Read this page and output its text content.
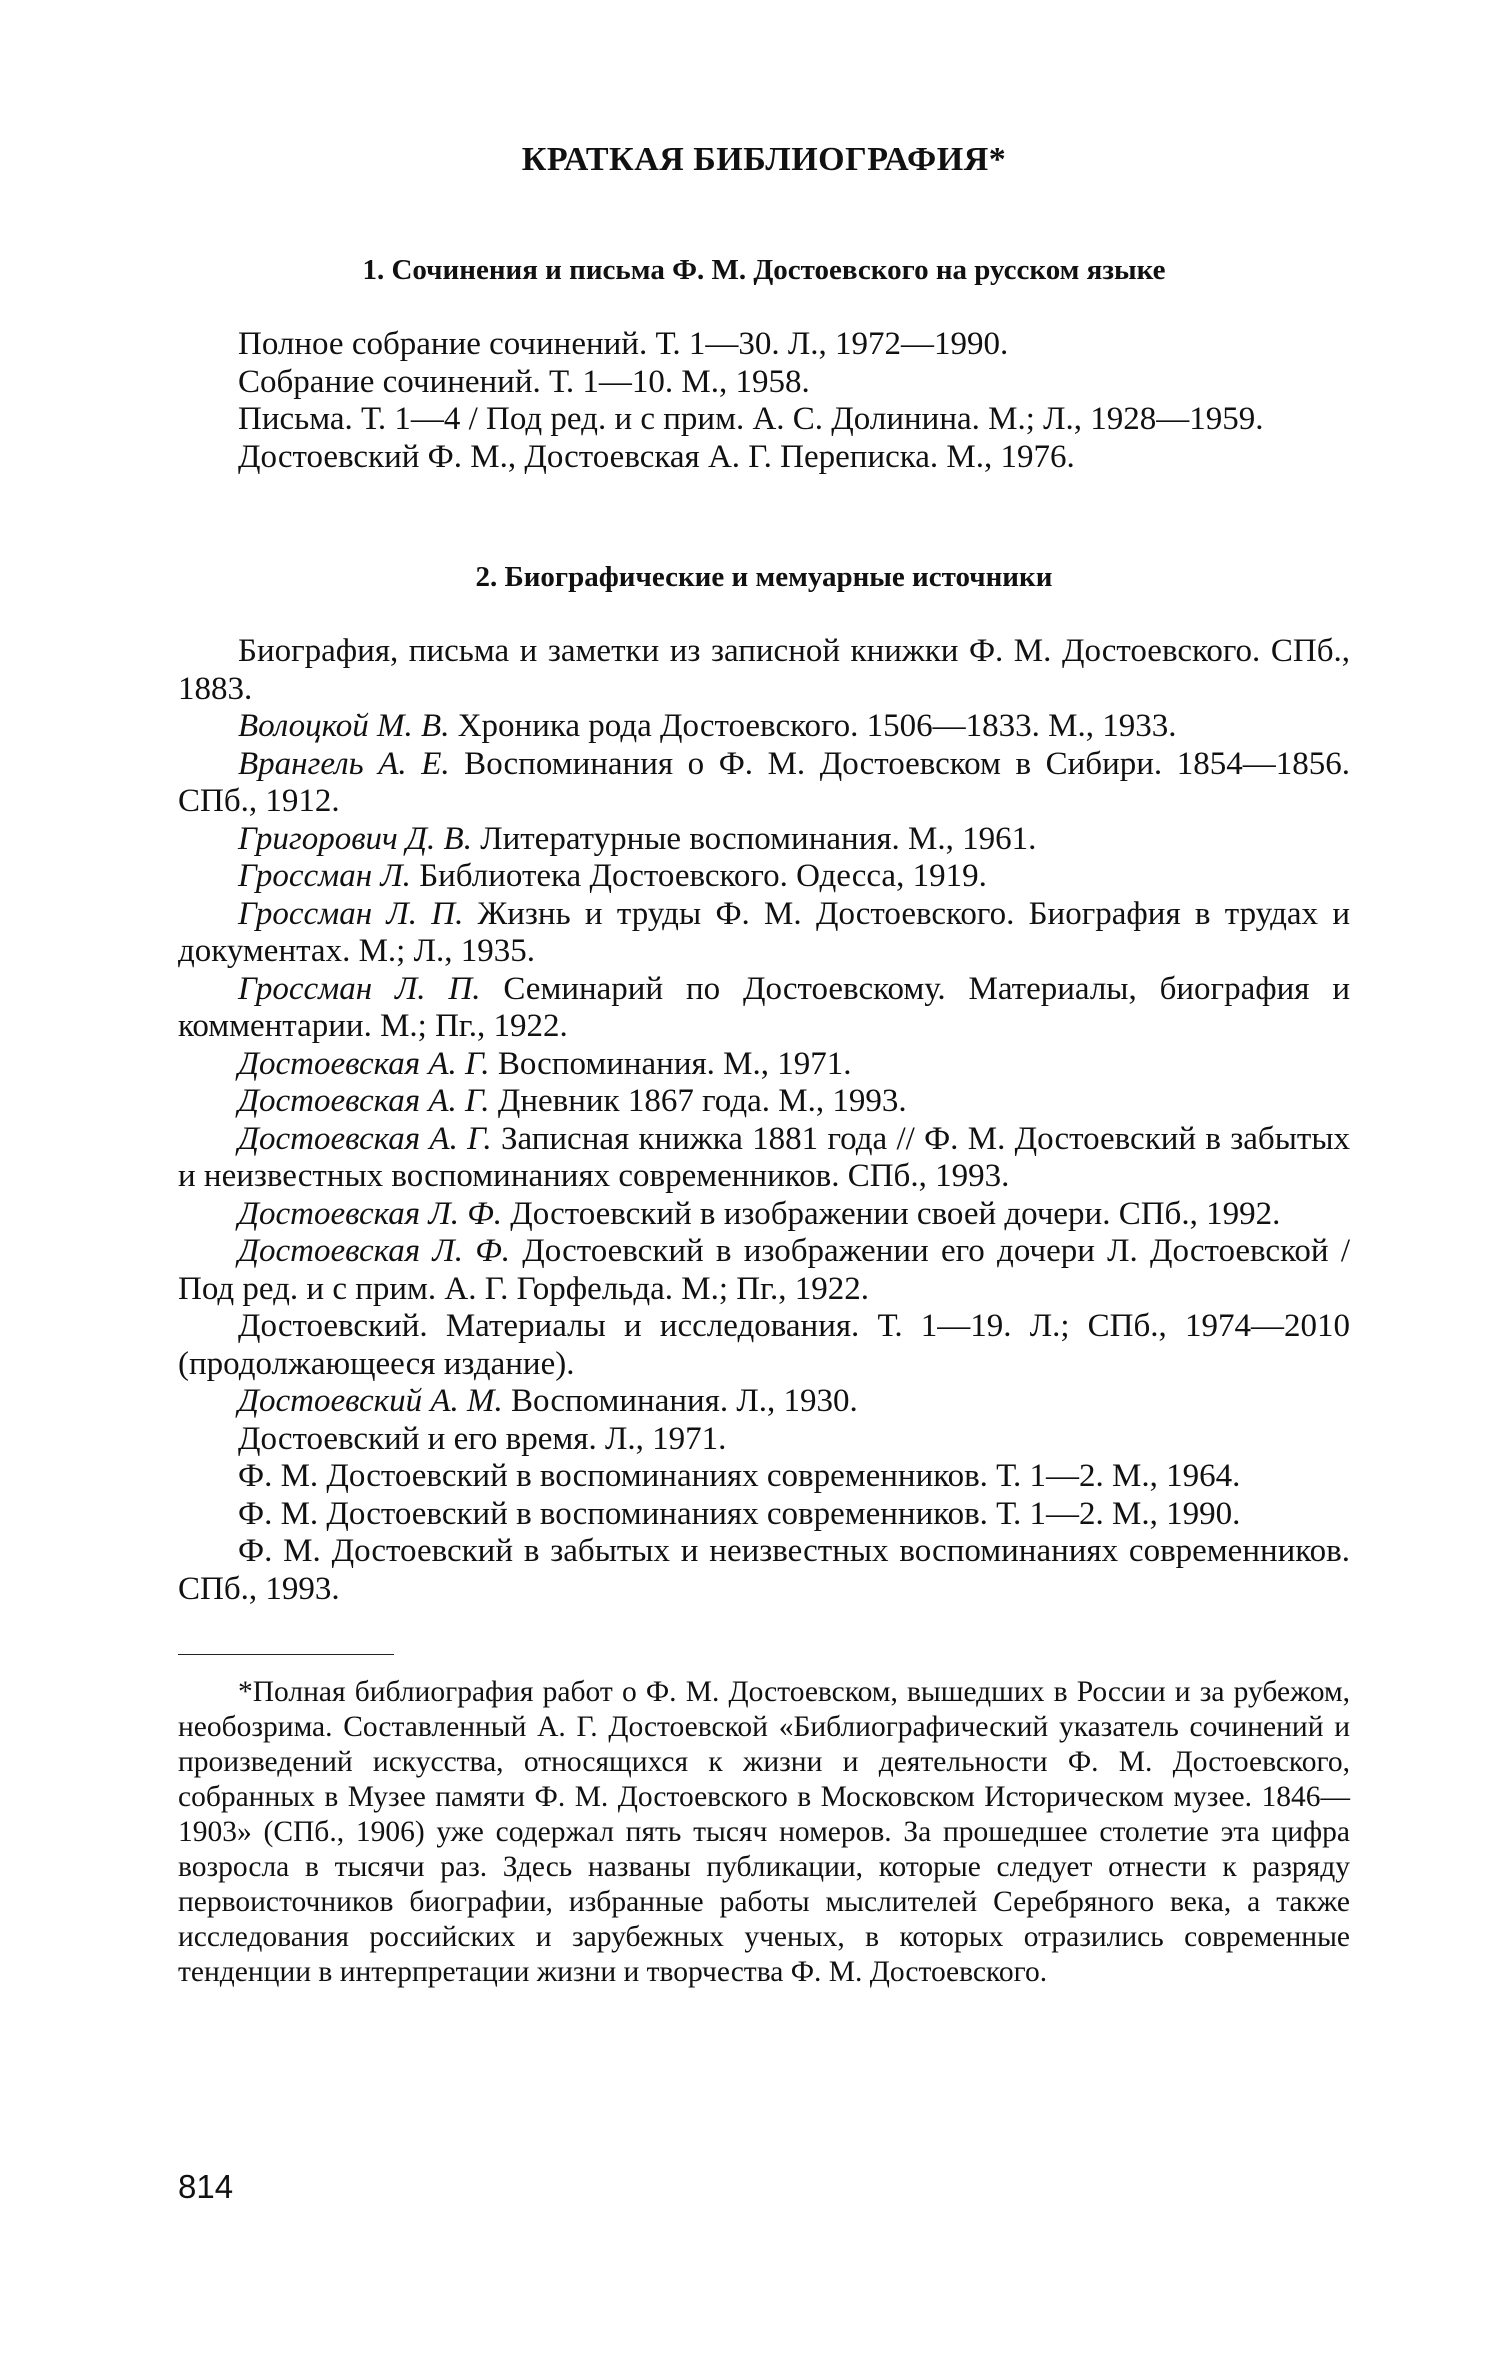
КРАТКАЯ БИБЛИОГРАФИЯ*
1. Сочинения и письма Ф. М. Достоевского на русском языке

Полное собрание сочинений. Т. 1—30. Л., 1972—1990.

Собрание сочинений. Т. 1—10. М., 1958.

Письма. Т. 1—4 / Под ред. и с прим. А. С. Долинина. М.; Л., 1928—1959.

Достоевский Ф. М., Достоевская А. Г. Переписка. М., 1976.

2. Биографические и мемуарные источники

Биография, письма и заметки из записной книжки Ф. М. Достоевского. СПб., 1883.

Волоцкой М. В. Хроника рода Достоевского. 1506—1833. М., 1933.

Врангель А. Е. Воспоминания о Ф. М. Достоевском в Сибири. 1854—1856. СПб., 1912.

Григорович Д. В. Литературные воспоминания. М., 1961.

Гроссман Л. Библиотека Достоевского. Одесса, 1919.

Гроссман Л. П. Жизнь и труды Ф. М. Достоевского. Биография в трудах и документах. М.; Л., 1935.

Гроссман Л. П. Семинарий по Достоевскому. Материалы, биография и комментарии. М.; Пг., 1922.

Достоевская А. Г. Воспоминания. М., 1971.

Достоевская А. Г. Дневник 1867 года. М., 1993.

Достоевская А. Г. Записная книжка 1881 года // Ф. М. Достоевский в забытых и неизвестных воспоминаниях современников. СПб., 1993.

Достоевская Л. Ф. Достоевский в изображении своей дочери. СПб., 1992.

Достоевская Л. Ф. Достоевский в изображении его дочери Л. Достоевской / Под ред. и с прим. А. Г. Горфельда. М.; Пг., 1922.

Достоевский. Материалы и исследования. Т. 1—19. Л.; СПб., 1974—2010 (продолжающееся издание).

Достоевский А. М. Воспоминания. Л., 1930.

Достоевский и его время. Л., 1971.

Ф. М. Достоевский в воспоминаниях современников. Т. 1—2. М., 1964.

Ф. М. Достоевский в воспоминаниях современников. Т. 1—2. М., 1990.

Ф. М. Достоевский в забытых и неизвестных воспоминаниях современников. СПб., 1993.

*Полная библиография работ о Ф. М. Достоевском, вышедших в России и за рубежом, необозрима. Составленный А. Г. Достоевской «Библиографический указатель сочинений и произведений искусства, относящихся к жизни и деятельности Ф. М. Достоевского, собранных в Музее памяти Ф. М. Достоевского в Московском Историческом музее. 1846—1903» (СПб., 1906) уже содержал пять тысяч номеров. За прошедшее столетие эта цифра возросла в тысячи раз. Здесь названы публикации, которые следует отнести к разряду первоисточников биографии, избранные работы мыслителей Серебряного века, а также исследования российских и зарубежных ученых, в которых отразились современные тенденции в интерпретации жизни и творчества Ф. М. Достоевского.

814
